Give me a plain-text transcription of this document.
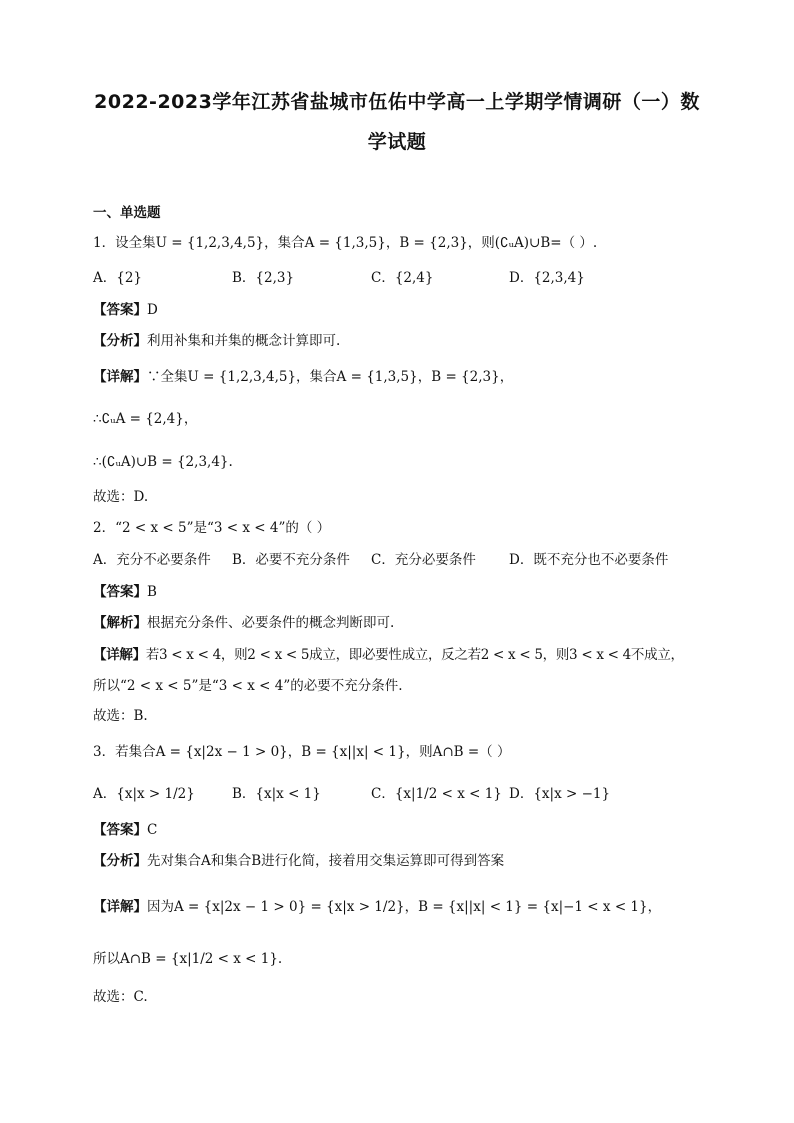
2022-2023学年江苏省盐城市伍佑中学高一上学期学情调研（一）数
学试题
一、单选题
1．设全集U = {1,2,3,4,5}，集合A = {1,3,5}，B = {2,3}，则(∁ᵤA)∪B=（ ）.
A．{2}	B．{2,3}	C．{2,4}	D．{2,3,4}
【答案】D
【分析】利用补集和并集的概念计算即可.
【详解】∵全集U = {1,2,3,4,5}，集合A = {1,3,5}，B = {2,3}，
∴∁ᵤA = {2,4}，
∴(∁ᵤA)∪B = {2,3,4}.
故选：D.
2．“2 < x < 5”是“3 < x < 4”的（ ）
A．充分不必要条件 B．必要不充分条件 C．充分必要条件 D．既不充分也不必要条件
【答案】B
【解析】根据充分条件、必要条件的概念判断即可.
【详解】若3 < x < 4，则2 < x < 5成立，即必要性成立，反之若2 < x < 5，则3 < x < 4不成立，
所以“2 < x < 5”是“3 < x < 4”的必要不充分条件.
故选：B.
3．若集合A = {x|2x − 1 > 0}，B = {x||x| < 1}，则A∩B =（ ）
A．{x|x > 1/2}	B．{x|x < 1}	C．{x|1/2 < x < 1} D．{x|x > −1}
【答案】C
【分析】先对集合A和集合B进行化简，接着用交集运算即可得到答案
【详解】因为A = {x|2x − 1 > 0} = {x|x > 1/2}，B = {x||x| < 1} = {x|−1 < x < 1}，
所以A∩B = {x|1/2 < x < 1}.
故选：C.
